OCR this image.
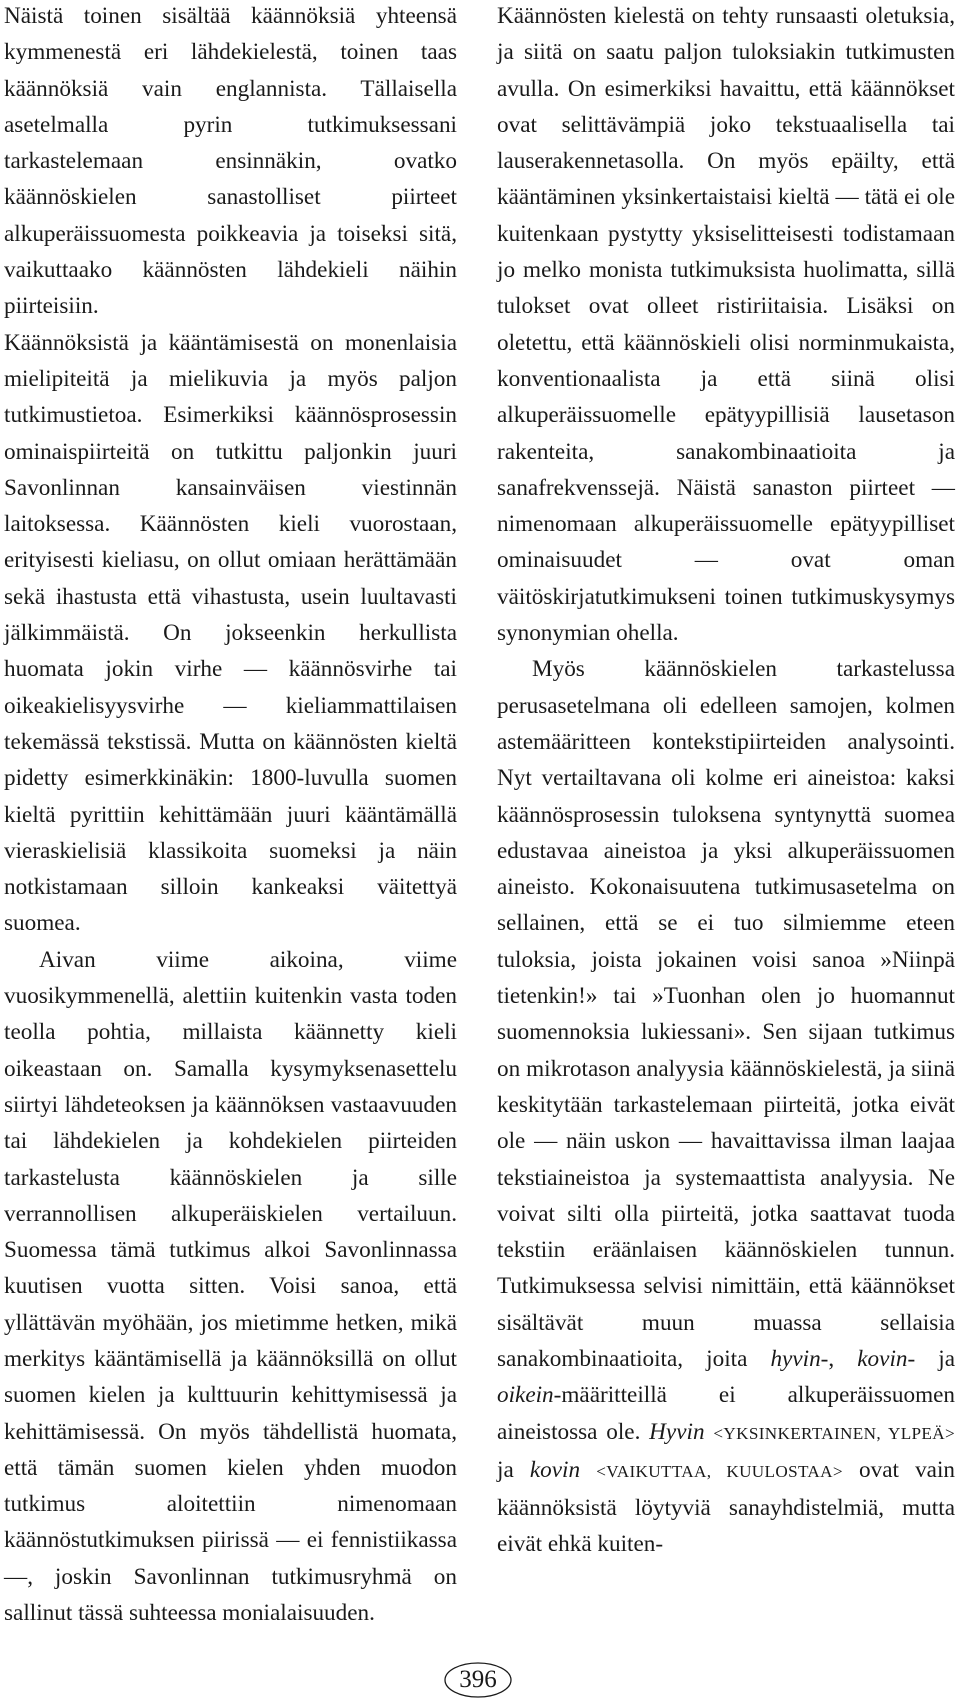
Näistä toinen sisältää käännöksiä yhteensä kymmenestä eri lähdekielestä, toinen taas käännöksiä vain englannista. Tällaisella asetelmalla pyrin tutkimuksessani tarkastelemaan ensinnäkin, ovatko käännöskielen sanastolliset piirteet alkuperäissuomesta poikkeavia ja toiseksi sitä, vaikuttaako käännösten lähdekieli näihin piirteisiin.

Käännöksistä ja kääntämisestä on monenlaisia mielipiteitä ja mielikuvia ja myös paljon tutkimustietoa. Esimerkiksi käännösprosessin ominaispiirteitä on tutkittu paljonkin juuri Savonlinnan kansainväisen viestinnän laitoksessa. Käännösten kieli vuorostaan, erityisesti kieliasu, on ollut omiaan herättämään sekä ihastusta että vihastusta, usein luultavasti jälkimmäistä. On jokseenkin herkullista huomata jokin virhe — käännösvirhe tai oikeakielisyysvirhe — kieliammattilaisen tekemässä tekstissä. Mutta on käännösten kieltä pidetty esimerkkinäkin: 1800-luvulla suomen kieltä pyrittiin kehittämään juuri kääntämällä vieraskielisiä klassikoita suomeksi ja näin notkistamaan silloin kankeaksi väitettyä suomea.

Aivan viime aikoina, viime vuosikymmenellä, alettiin kuitenkin vasta toden teolla pohtia, millaista käännetty kieli oikeastaan on. Samalla kysymyksenasettelu siirtyi lähdeteoksen ja käännöksen vastaavuuden tai lähdekielen ja kohdekielen piirteiden tarkastelusta käännöskielen ja sille verrannollisen alkuperäiskielen vertailuun. Suomessa tämä tutkimus alkoi Savonlinnassa kuutisen vuotta sitten. Voisi sanoa, että yllättävän myöhään, jos mietimme hetken, mikä merkitys kääntämisellä ja käännöksillä on ollut suomen kielen ja kulttuurin kehittymisessä ja kehittämisessä. On myös tähdellistä huomata, että tämän suomen kielen yhden muodon tutkimus aloitettiin nimenomaan käännöstutkimuksen piirissä — ei fennistiikassa —, joskin Savonlinnan tutkimusryhmä on sallinut tässä suhteessa monialaisuuden.

Käännösten kielestä on tehty runsaasti oletuksia, ja siitä on saatu paljon tuloksiakin tutkimusten avulla. On esimerkiksi havaittu, että käännökset ovat selittävämpiä joko tekstuaalisella tai lauserakennetasolla. On myös epäilty, että kääntäminen yksinkertaistaisi kieltä — tätä ei ole kuitenkaan pystytty yksiselitteisesti todistamaan jo melko monista tutkimuksista huolimatta, sillä tulokset ovat olleet ristiriitaisia. Lisäksi on oletettu, että käännöskieli olisi norminmukaista, konventionaalista ja että siinä olisi alkuperäissuomelle epätyypillisiä lausetason rakenteita, sanakombinaatioita ja sanafrekvenssejä. Näistä sanaston piirteet — nimenomaan alkuperäissuomelle epätyypilliset ominaisuudet — ovat oman väitöskirjatutkimukseni toinen tutkimuskysymys synonymian ohella.

Myös käännöskielen tarkastelussa perusasetelmana oli edelleen samojen, kolmen astemääritteen kontekstipiirteiden analysointi. Nyt vertailtavana oli kolme eri aineistoa: kaksi käännösprosessin tuloksena syntynyttä suomea edustavaa aineistoa ja yksi alkuperäissuomen aineisto. Kokonaisuutena tutkimusasetelma on sellainen, että se ei tuo silmiemme eteen tuloksia, joista jokainen voisi sanoa »Niinpä tietenkin!» tai »Tuonhan olen jo huomannut suomennoksia lukiessani». Sen sijaan tutkimus on mikrotason analyysia käännöskielestä, ja siinä keskitytään tarkastelemaan piirteitä, jotka eivät ole — näin uskon — havaittavissa ilman laajaa tekstiaineistoa ja systemaattista analyysia. Ne voivat silti olla piirteitä, jotka saattavat tuoda tekstiin eräänlaisen käännöskielen tunnun. Tutkimuksessa selvisi nimittäin, että käännökset sisältävät muun muassa sellaisia sanakombinaatioita, joita hyvin-, kovin- ja oikein-määritteillä ei alkuperäissuomen aineistossa ole. Hyvin <YKSINKERTAINEN, YLPEÄ> ja kovin <VAIKUTTAA, KUULOSTAA> ovat vain käännöksistä löytyviä sanayhdistelmiä, mutta eivät ehkä kuiten-

396
